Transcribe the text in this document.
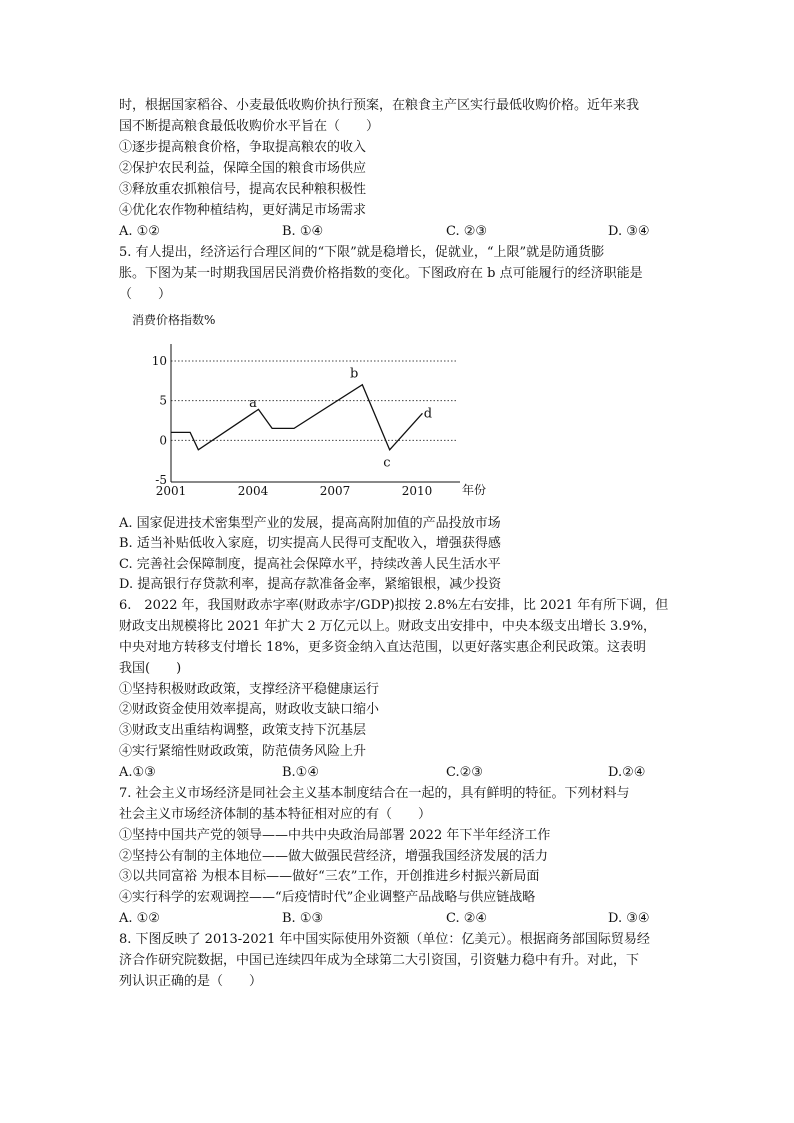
时，根据国家稻谷、小麦最低收购价执行预案，在粮食主产区实行最低收购价格。近年来我
国不断提高粮食最低收购价水平旨在（　　）
①逐步提高粮食价格，争取提高粮农的收入
②保护农民利益，保障全国的粮食市场供应
③释放重农抓粮信号，提高农民种粮积极性
④优化农作物种植结构，更好满足市场需求
A. ①②	B. ①④	C. ②③	D. ③④
5. 有人提出，经济运行合理区间的“下限”就是稳增长，促就业，“上限”就是防通货膨
胀。下图为某一时期我国居民消费价格指数的变化。下图政府在 b 点可能履行的经济职能是
（　　）
消费价格指数%
年份
10
5
0
-5
2001	2004	2007	2010
a
b
c
d
A. 国家促进技术密集型产业的发展，提高高附加值的产品投放市场
B. 适当补贴低收入家庭，切实提高人民得可支配收入，增强获得感
C. 完善社会保障制度，提高社会保障水平，持续改善人民生活水平
D. 提高银行存贷款利率，提高存款准备金率，紧缩银根，减少投资
6.　2022 年，我国财政赤字率(财政赤字/GDP)拟按 2.8%左右安排，比 2021 年有所下调，但
财政支出规模将比 2021 年扩大 2 万亿元以上。财政支出安排中，中央本级支出增长 3.9%，
中央对地方转移支付增长 18%，更多资金纳入直达范围，以更好落实惠企利民政策。这表明
我国(　　)
①坚持积极财政政策，支撑经济平稳健康运行
②财政资金使用效率提高，财政收支缺口缩小
③财政支出重结构调整，政策支持下沉基层
④实行紧缩性财政政策，防范债务风险上升
A.①③	B.①④	C.②③	D.②④
7. 社会主义市场经济是同社会主义基本制度结合在一起的，具有鲜明的特征。下列材料与
社会主义市场经济体制的基本特征相对应的有（　　）
①坚持中国共产党的领导——中共中央政治局部署 2022 年下半年经济工作
②坚持公有制的主体地位——做大做强民营经济，增强我国经济发展的活力
③以共同富裕 为根本目标——做好“三农”工作，开创推进乡村振兴新局面
④实行科学的宏观调控——“后疫情时代”企业调整产品战略与供应链战略
A. ①②	B. ①③	C. ②④	D. ③④
8. 下图反映了 2013-2021 年中国实际使用外资额（单位：亿美元）。根据商务部国际贸易经
济合作研究院数据，中国已连续四年成为全球第二大引资国，引资魅力稳中有升。对此，下
列认识正确的是（　　）
